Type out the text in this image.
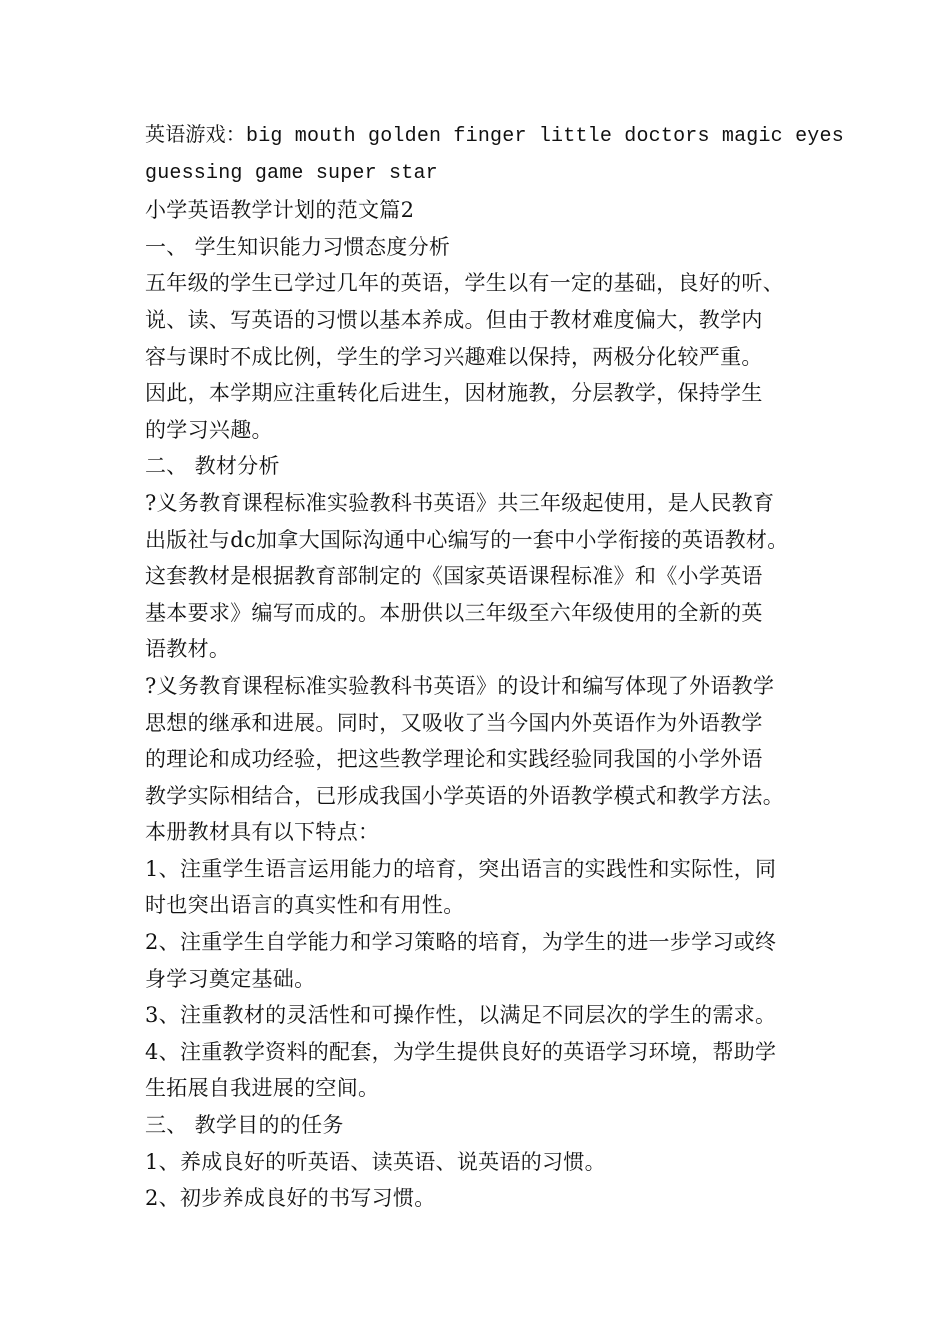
英语游戏：big mouth golden finger little doctors magic eyes
guessing game super star
小学英语教学计划的范文篇2
一、 学生知识能力习惯态度分析
五年级的学生已学过几年的英语，学生以有一定的基础，良好的听、
说、读、写英语的习惯以基本养成。但由于教材难度偏大，教学内
容与课时不成比例，学生的学习兴趣难以保持，两极分化较严重。
因此，本学期应注重转化后进生，因材施教，分层教学，保持学生
的学习兴趣。
二、 教材分析
?义务教育课程标准实验教科书英语》共三年级起使用，是人民教育
出版社与dc加拿大国际沟通中心编写的一套中小学衔接的英语教材。
这套教材是根据教育部制定的《国家英语课程标准》和《小学英语
基本要求》编写而成的。本册供以三年级至六年级使用的全新的英
语教材。
?义务教育课程标准实验教科书英语》的设计和编写体现了外语教学
思想的继承和进展。同时，又吸收了当今国内外英语作为外语教学
的理论和成功经验，把这些教学理论和实践经验同我国的小学外语
教学实际相结合，已形成我国小学英语的外语教学模式和教学方法。
本册教材具有以下特点：
1、注重学生语言运用能力的培育，突出语言的实践性和实际性，同
时也突出语言的真实性和有用性。
2、注重学生自学能力和学习策略的培育，为学生的进一步学习或终
身学习奠定基础。
3、注重教材的灵活性和可操作性，以满足不同层次的学生的需求。
4、注重教学资料的配套，为学生提供良好的英语学习环境，帮助学
生拓展自我进展的空间。
三、 教学目的的任务
1、养成良好的听英语、读英语、说英语的习惯。
2、初步养成良好的书写习惯。
